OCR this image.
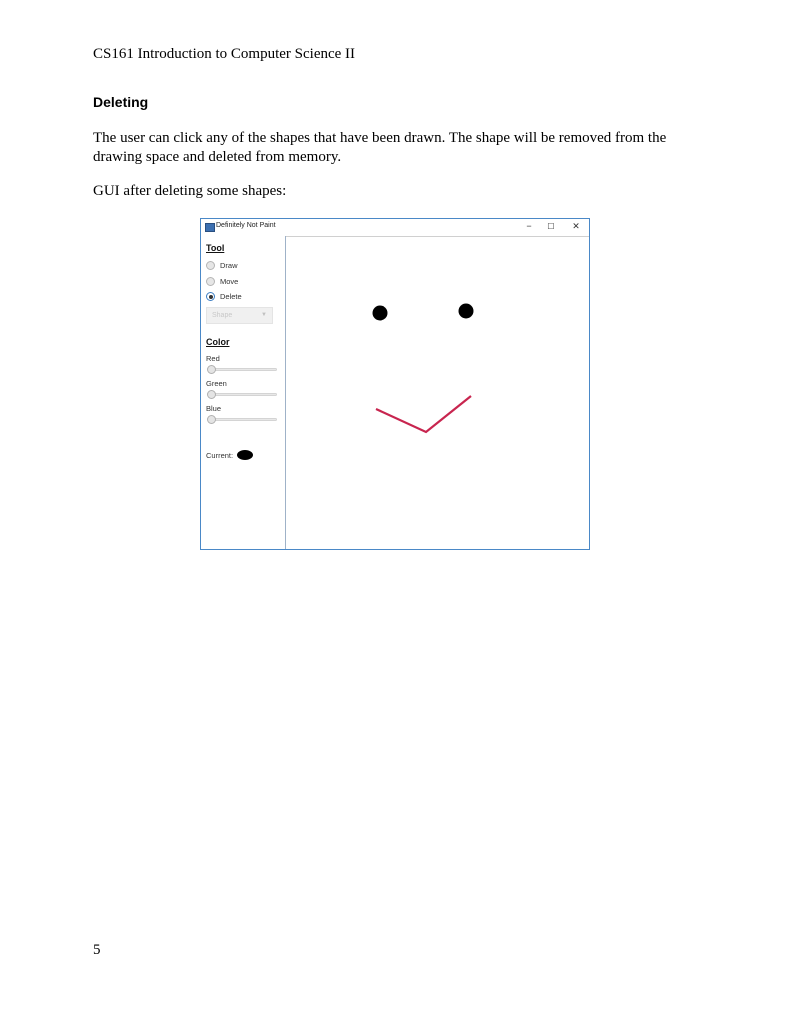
CS161 Introduction to Computer Science II
Deleting
The user can click any of the shapes that have been drawn. The shape will be removed from the drawing space and deleted from memory.
GUI after deleting some shapes:
Definitely Not Paint	−	☐ ✕
Tool
Draw
Move
Delete
Shape	▼
Color
Red
Green
Blue
Current:
5
